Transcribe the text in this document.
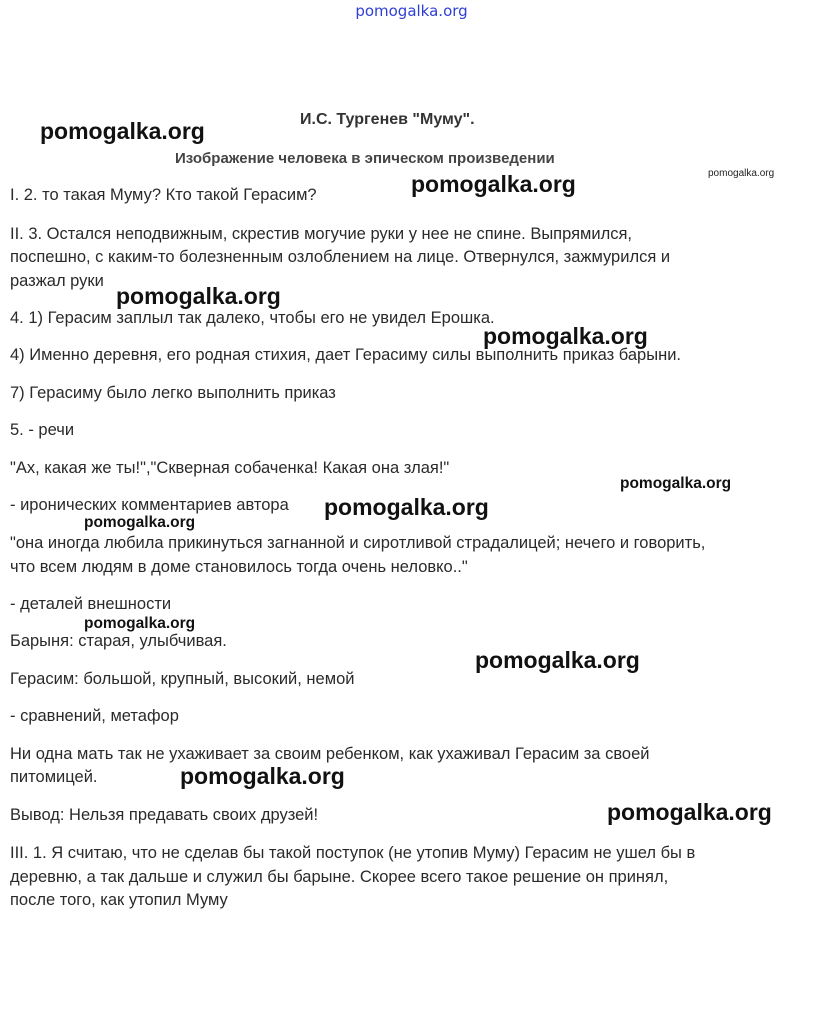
pomogalka.org
И.С. Тургенев "Муму".
Изображение человека в эпическом произведении
I. 2. то такая Муму? Кто такой Герасим?
II. 3. Остался неподвижным, скрестив могучие руки у нее не спине. Выпрямился,
поспешно, с каким-то болезненным озлоблением на лице. Отвернулся, зажмурился и
разжал руки
4. 1) Герасим заплыл так далеко, чтобы его не увидел Ерошка.
4) Именно деревня, его родная стихия, дает Герасиму силы выполнить приказ барыни.
7) Герасиму было легко выполнить приказ
5. - речи
"Ах, какая же ты!","Скверная собаченка! Какая она злая!"
- иронических комментариев автора
"она иногда любила прикинуться загнанной и сиротливой страдалицей; нечего и говорить,
что всем людям в доме становилось тогда очень неловко.."
- деталей внешности
Барыня: старая, улыбчивая.
Герасим: большой, крупный, высокий, немой
- сравнений, метафор
Ни одна мать так не ухаживает за своим ребенком, как ухаживал Герасим за своей
питомицей.
Вывод: Нельзя предавать своих друзей!
III. 1. Я считаю, что не сделав бы такой поступок (не утопив Муму) Герасим не ушел бы в
деревню, а так дальше и служил бы барыне. Скорее всего такое решение он принял,
после того, как утопил Муму
pomogalka.org
pomogalka.org	pomogalka.org
pomogalka.org
pomogalka.org
pomogalka.org
pomogalka.org
pomogalka.org
pomogalka.org
pomogalka.org
pomogalka.org
pomogalka.org
